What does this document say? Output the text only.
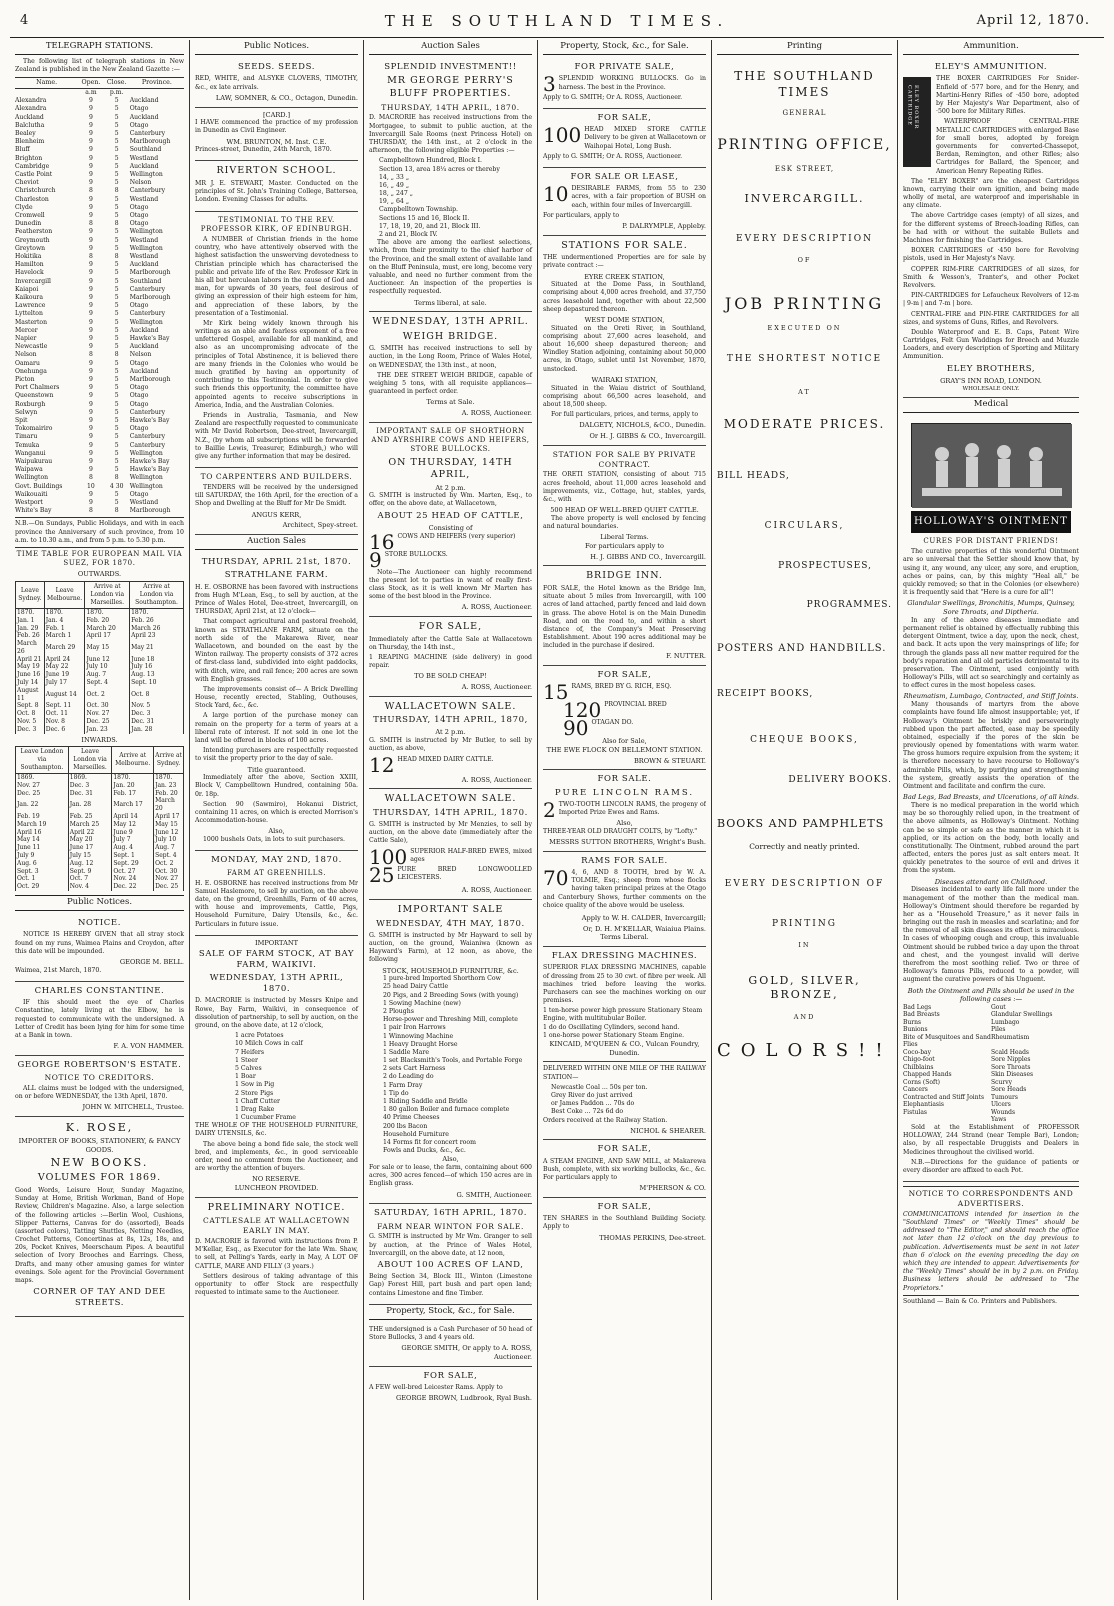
4	THE SOUTHLAND TIMES.	April 12, 1870.
TELEGRAPH STATIONS.
The following list of telegraph stations in New Zealand is published in the New Zealand Gazette :—
Name.	Open.	Close.	Province.
	a.m	p.m.	
Alexandra	9	5	Auckland
Alexandra	9	5	Otago
Auckland	9	5	Auckland
Balclutha	9	5	Otago
Bealey	9	5	Canterbury
Blenheim	9	5	Marlborough
Bluff	9	5	Southland
Brighton	9	5	Westland
Cambridge	9	5	Auckland
Castle Point	9	5	Wellington
Cheviot	9	5	Nelson
Christchurch	8	8	Canterbury
Charleston	9	5	Westland
Clyde	9	5	Otago
Cromwell	9	5	Otago
Dunedin	8	8	Otago
Featherston	9	5	Wellington
Greymouth	9	5	Westland
Greytown	9	5	Wellington
Hokitika	8	8	Westland
Hamilton	9	5	Auckland
Havelock	9	5	Marlborough
Invercargill	9	5	Southland
Kaiapoi	9	5	Canterbury
Kaikoura	9	5	Marlborough
Lawrence	9	5	Otago
Lyttelton	9	5	Canterbury
Masterton	9	5	Wellington
Mercer	9	5	Auckland
Napier	9	5	Hawke's Bay
Newcastle	9	5	Auckland
Nelson	8	8	Nelson
Oamaru	9	5	Otago
Onehunga	9	5	Auckland
Picton	9	5	Marlborough
Port Chalmers	9	5	Otago
Queenstown	9	5	Otago
Roxburgh	9	5	Otago
Selwyn	9	5	Canterbury
Spit	9	5	Hawke's Bay
Tokomairiro	9	5	Otago
Timaru	9	5	Canterbury
Temuka	9	5	Canterbury
Wanganui	9	5	Wellington
Waipukurau	9	5	Hawke's Bay
Waipawa	9	5	Hawke's Bay
Wellington	8	8	Wellington
Govt. Buildings	10	4 30	Wellington
Waikouaiti	9	5	Otago
Westport	9	5	Westland
White's Bay	8	8	Marlborough
N.B.—On Sundays, Public Holidays, and with in each province the Anniversary of such province, from 10 a.m. to 10.30 a.m., and from 5 p.m. to 5.30 p.m.
TIME TABLE FOR EUROPEAN MAIL VIA SUEZ, FOR 1870.
OUTWARDS.
Leave Sydney.	Leave Melbourne.	Arrive at London via Marseilles.	Arrive at London via Southampton.
1870.	1870.	1870.	1870.
Jan. 1	Jan. 4	Feb. 20	Feb. 26
Jan. 29	Feb. 1	March 20	March 26
Feb. 26	March 1	April 17	April 23
March 26	March 29	May 15	May 21
April 21	April 24	June 12	June 18
May 19	May 22	July 10	July 16
June 16	June 19	Aug. 7	Aug. 13
July 14	July 17	Sept. 4	Sept. 10
August 11	August 14	Oct. 2	Oct. 8
Sept. 8	Sept. 11	Oct. 30	Nov. 5
Oct. 8	Oct. 11	Nov. 27	Dec. 3
Nov. 5	Nov. 8	Dec. 25	Dec. 31
Dec. 3	Dec. 6	Jan. 23	Jan. 28
INWARDS.
Leave London via Southampton.	Leave London via Marseilles.	Arrive at Melbourne.	Arrive at Sydney.
1869.	1869.	1870.	1870.
Nov. 27	Dec. 3	Jan. 20	Jan. 23
Dec. 25	Dec. 31	Feb. 17	Feb. 20
Jan. 22	Jan. 28	March 17	March 20
Feb. 19	Feb. 25	April 14	April 17
March 19	March 25	May 12	May 15
April 16	April 22	June 9	June 12
May 14	May 20	July 7	July 10
June 11	June 17	Aug. 4	Aug. 7
July 9	July 15	Sept. 1	Sept. 4
Aug. 6	Aug. 12	Sept. 29	Oct. 2
Sept. 3	Sept. 9	Oct. 27	Oct. 30
Oct. 1	Oct. 7	Nov. 24	Nov. 27
Oct. 29	Nov. 4	Dec. 22	Dec. 25
Public Notices.
NOTICE.
NOTICE IS HEREBY GIVEN that all stray stock found on my runs, Waimea Plains and Croydon, after this date will be impounded.
GEORGE M. BELL.
Waimea, 21st March, 1870.
CHARLES CONSTANTINE.
IF this should meet the eye of Charles Constantine, lately living at the Elbow, he is requested to communicate with the undersigned. A Letter of Credit has been lying for him for some time at a Bank in town.
F. A. VON HAMMER.
GEORGE ROBERTSON'S ESTATE.
NOTICE TO CREDITORS.
ALL claims must be lodged with the undersigned, on or before WEDNESDAY, the 13th April, 1870.
JOHN W. MITCHELL, Trustee.
K. ROSE,
IMPORTER OF BOOKS, STATIONERY, & FANCY GOODS.
NEW BOOKS.
VOLUMES FOR 1869.
Good Words, Leisure Hour, Sunday Magazine, Sunday at Home, British Workman, Band of Hope Review, Children's Magazine. Also, a large selection of the following articles :—Berlin Wool, Cushions, Slipper Patterns, Canvas for do (assorted), Beads (assorted colors), Tatting Shuttles, Netting Needles, Crochet Patterns, Concertinas at 8s, 12s, 18s, and 20s, Pocket Knives, Meerschaum Pipes. A beautiful selection of Ivory Brooches and Earrings. Chess, Drafts, and many other amusing games for winter evenings. Sole agent for the Provincial Government maps.
CORNER OF TAY AND DEE STREETS.
Public Notices.
SEEDS. SEEDS.
RED, WHITE, and ALSYKE CLOVERS, TIMOTHY, &c., ex late arrivals.
LAW, SOMNER, & CO., Octagon, Dunedin.
[CARD.]
I HAVE commenced the practice of my profession in Dunedin as Civil Engineer.
WM. BRUNTON, M. Inst. C.E.
Princes-street, Dunedin, 24th March, 1870.
RIVERTON SCHOOL.
MR J. E. STEWART, Master. Conducted on the principles of St. John's Training College, Battersea, London. Evening Classes for adults.
TESTIMONIAL TO THE REV. PROFESSOR KIRK, OF EDINBURGH.
A NUMBER of Christian friends in the home country, who have attentively observed with the highest satisfaction the unswerving devotedness to Christian principle which has characterised the public and private life of the Rev. Professor Kirk in his all but herculean labors in the cause of God and man, for upwards of 30 years, feel desirous of giving an expression of their high esteem for him, and appreciation of these labors, by the presentation of a Testimonial.
Mr Kirk being widely known through his writings as an able and fearless exponent of a free unfettered Gospel, available for all mankind, and also as an uncompromising advocate of the principles of Total Abstinence, it is believed there are many friends in the Colonies who would be much gratified by having an opportunity of contributing to this Testimonial. In order to give such friends this opportunity, the committee have appointed agents to receive subscriptions in America, India, and the Australian Colonies.
Friends in Australia, Tasmania, and New Zealand are respectfully requested to communicate with Mr David Robertson, Dee-street, Invercargill, N.Z., (by whom all subscriptions will be forwarded to Baillie Lewis, Treasurer, Edinburgh,) who will give any further information that may be desired.
TO CARPENTERS AND BUILDERS.
TENDERS will be received by the undersigned till SATURDAY, the 16th April, for the erection of a Shop and Dwelling at the Bluff for Mr De Smidt.
ANGUS KERR,
Architect, Spey-street.
Auction Sales
THURSDAY, APRIL 21st, 1870.
STRATHLANE FARM.
H. E. OSBORNE has been favored with instructions from Hugh M'Lean, Esq., to sell by auction, at the Prince of Wales Hotel, Dee-street, Invercargill, on THURSDAY, April 21st, at 12 o'clock—
That compact agricultural and pastoral freehold, known as STRATHLANE FARM, situate on the north side of the Makarewa River, near Wallacetown, and bounded on the east by the Winton railway. The property consists of 372 acres of first-class land, subdivided into eight paddocks, with ditch, wire, and rail fence; 200 acres are sown with English grasses.
The improvements consist of— A Brick Dwelling House, recently erected, Stabling, Outhouses, Stock Yard, &c., &c.
A large portion of the purchase money can remain on the property for a term of years at a liberal rate of interest. If not sold in one lot the land will be offered in blocks of 100 acres.
Intending purchasers are respectfully requested to visit the property prior to the day of sale.
Title guaranteed.
Immediately after the above, Section XXIII, Block V, Campbelltown Hundred, containing 50a. 0r. 18p.
Section 90 (Sawmiro), Hokanui District, containing 11 acres, on which is erected Morrison's Accommodation-house.
Also,
1000 bushels Oats, in lots to suit purchasers.
MONDAY, MAY 2ND, 1870.
FARM AT GREENHILLS.
H. E. OSBORNE has received instructions from Mr Samuel Haslemore, to sell by auction, on the above date, on the ground, Greenhills, Farm of 40 acres, with house and improvements, Cattle, Pigs, Household Furniture, Dairy Utensils, &c., &c. Particulars in future issue.
IMPORTANT
SALE OF FARM STOCK, AT BAY FARM, WAIKIVI.
WEDNESDAY, 13TH APRIL, 1870.
D. MACRORIE is instructed by Messrs Knipe and Rowe, Bay Farm, Waikivi, in consequence of dissolution of partnership, to sell by auction, on the ground, on the above date, at 12 o'clock,
1 acre Potatoes
10 Milch Cows in calf
7 Heifers
1 Steer
5 Calves
1 Boar
1 Sow in Pig
2 Store Pigs
1 Chaff Cutter
1 Drag Rake
1 Cucumber Frame
THE WHOLE OF THE HOUSEHOLD FURNITURE, DAIRY UTENSILS, &c.
The above being a bond fide sale, the stock well bred, and implements, &c., in good serviceable order, need no comment from the Auctioneer, and are worthy the attention of buyers.
NO RESERVE.
LUNCHEON PROVIDED.
PRELIMINARY NOTICE.
CATTLESALE AT WALLACETOWN EARLY IN MAY.
D. MACRORIE is favored with instructions from P. M'Kellar, Esq., as Executor for the late Wm. Shaw, to sell, at Pelling's Yards, early in May, A LOT OF CATTLE, MARE AND FILLY (3 years.)
Settlers desirous of taking advantage of this opportunity to offer Stock are respectfully requested to intimate same to the Auctioneer.
Auction Sales
SPLENDID INVESTMENT!!
MR GEORGE PERRY'S BLUFF PROPERTIES.
THURSDAY, 14TH APRIL, 1870.
D. MACRORIE has received instructions from the Mortgagee, to submit to public auction, at the Invercargill Sale Rooms (next Princess Hotel) on THURSDAY, the 14th inst., at 2 o'clock in the afternoon, the following eligible Properties :—
Campbelltown Hundred, Block I.
Section 13, area 18¼ acres or thereby
14, „ 33 „
16, „ 49 „
18, „ 247 „
19, „ 64 „
Campbelltown Township.
Sections 15 and 16, Block II.
17, 18, 19, 20, and 21, Block III.
2 and 21, Block IV.
The above are among the earliest selections, which, from their proximity to the chief harbor of the Province, and the small extent of available land on the Bluff Peninsula, must, ere long, become very valuable, and need no further comment from the Auctioneer. An inspection of the properties is respectfully requested.
Terms liberal, at sale.
WEDNESDAY, 13TH APRIL.
WEIGH BRIDGE.
G. SMITH has received instructions to sell by auction, in the Long Room, Prince of Wales Hotel, on WEDNESDAY, the 13th inst., at noon,
THE DEE STREET WEIGH BRIDGE, capable of weighing 5 tons, with all requisite appliances—guaranteed in perfect order.
Terms at Sale.
A. ROSS, Auctioneer.
IMPORTANT SALE OF SHORTHORN AND AYRSHIRE COWS AND HEIFERS, STORE BULLOCKS.
ON THURSDAY, 14TH APRIL,
At 2 p.m.
G. SMITH is instructed by Wm. Marten, Esq., to offer, on the above date, at Wallacetown,
ABOUT 25 HEAD OF CATTLE,
Consisting of
16 COWS AND HEIFERS (very superior)
9 STORE BULLOCKS.
Note—The Auctioneer can highly recommend the present lot to parties in want of really first-class Stock, as it is well known Mr Marten has some of the best blood in the Province.
A. ROSS, Auctioneer.
FOR SALE,
Immediately after the Cattle Sale at Wallacetown on Thursday, the 14th inst.,
1 REAPING MACHINE (side delivery) in good repair.
TO BE SOLD CHEAP!
A. ROSS, Auctioneer.
WALLACETOWN SALE.
THURSDAY, 14TH APRIL, 1870,
At 2 p.m.
G. SMITH is instructed by Mr Butler, to sell by auction, as above,
12 HEAD MIXED DAIRY CATTLE.
A. ROSS, Auctioneer.
WALLACETOWN SALE.
THURSDAY, 14TH APRIL, 1870.
G. SMITH is instructed by Mr Menzies, to sell by auction, on the above date (immediately after the Cattle Sale),
100 SUPERIOR HALF-BRED EWES, mixed ages
25 PURE BRED LONGWOOLLED LEICESTERS.
A. ROSS, Auctioneer.
IMPORTANT SALE
WEDNESDAY, 4TH MAY, 1870.
G. SMITH is instructed by Mr Hayward to sell by auction, on the ground, Waianiwa (known as Hayward's Farm), at 12 noon, as above, the following
STOCK, HOUSEHOLD FURNITURE, &c.
1 pure-bred Imported Shorthorn Cow
25 head Dairy Cattle
20 Pigs, and 2 Breeding Sows (with young)
1 Sowing Machine (new)
2 Ploughs
Horse-power and Threshing Mill, complete
1 pair Iron Harrows
1 Winnowing Machine
1 Heavy Draught Horse
1 Saddle Mare
1 set Blacksmith's Tools, and Portable Forge
2 sets Cart Harness
2 do Leading do
1 Farm Dray
1 Tip do
1 Riding Saddle and Bridle
1 80 gallon Boiler and furnace complete
40 Prime Cheeses
200 lbs Bacon
Household Furniture
14 Forms fit for concert room
Fowls and Ducks, &c., &c.
Also,
For sale or to lease, the farm, containing about 600 acres, 300 acres fenced—of which 150 acres are in English grass.
G. SMITH, Auctioneer.
SATURDAY, 16TH APRIL, 1870.
FARM NEAR WINTON FOR SALE.
G. SMITH is instructed by Mr Wm. Granger to sell by auction, at the Prince of Wales Hotel, Invercargill, on the above date, at 12 noon,
ABOUT 100 ACRES OF LAND,
Being Section 34, Block III., Winton (Limestone Gap) Forest Hill, part bush and part open land; contains Limestone and fine Timber.
Property, Stock, &c., for Sale.
THE undersigned is a Cash Purchaser of 50 head of Store Bullocks, 3 and 4 years old.
GEORGE SMITH, Or apply to A. ROSS, Auctioneer.
FOR SALE,
A FEW well-bred Leicester Rams. Apply to
GEORGE BROWN, Ludbrook, Ryal Bush.
Property, Stock, &c., for Sale.
FOR PRIVATE SALE,
3 SPLENDID WORKING BULLOCKS. Go in harness. The best in the Province.
Apply to G. SMITH; Or A. ROSS, Auctioneer.
FOR SALE,
100 HEAD MIXED STORE CATTLE Delivery to be given at Wallacetown or Waihopai Hotel, Long Bush.
Apply to G. SMITH; Or A. ROSS, Auctioneer.
FOR SALE OR LEASE,
10 DESIRABLE FARMS, from 55 to 230 acres, with a fair proportion of BUSH on each, within four miles of Invercargill.
For particulars, apply to
P. DALRYMPLE, Appleby.
STATIONS FOR SALE.
THE undermentioned Properties are for sale by private contract :—
EYRE CREEK STATION,
Situated at the Dome Pass, in Southland, comprising about 4,000 acres freehold, and 37,750 acres leasehold land, together with about 22,500 sheep depastured thereon.
WEST DOME STATION,
Situated on the Oreti River, in Southland, comprising about 27,600 acres leasehold, and about 16,600 sheep depastured thereon; and Windley Station adjoining, containing about 50,000 acres, in Otago, sublet until 1st November, 1870, unstocked.
WAIRAKI STATION,
Situated in the Waiau district of Southland, comprising about 66,500 acres leasehold, and about 18,500 sheep.
For full particulars, prices, and terms, apply to
DALGETY, NICHOLS, &CO., Dunedin.
Or H. J. GIBBS & CO., Invercargill.
STATION FOR SALE BY PRIVATE CONTRACT.
THE ORETI STATION, consisting of about 715 acres freehold, about 11,000 acres leasehold and improvements, viz., Cottage, hut, stables, yards, &c., with
500 HEAD OF WELL-BRED QUIET CATTLE.
The above property is well enclosed by fencing and natural boundaries.
Liberal Terms.
For particulars apply to
H. J. GIBBS AND CO., Invercargill.
BRIDGE INN.
FOR SALE, the Hotel known as the Bridge Inn, situate about 5 miles from Invercargill, with 100 acres of land attached, partly fenced and laid down in grass. The above Hotel is on the Main Dunedin Road, and on the road to, and within a short distance of, the Company's Meat Preserving Establishment. About 190 acres additional may be included in the purchase if desired.
F. NUTTER.
FOR SALE,
15 RAMS, BRED BY G. RICH, ESQ.
120 PROVINCIAL BRED
90 OTAGAN DO.
Also for Sale,
THE EWE FLOCK ON BELLEMONT STATION.
BROWN & STEUART.
FOR SALE.
PURE LINCOLN RAMS.
2 TWO-TOOTH LINCOLN RAMS, the progeny of Imported Prize Ewes and Rams.
Also,
THREE-YEAR OLD DRAUGHT COLTS, by "Lofty."
MESSRS SUTTON BROTHERS, Wright's Bush.
RAMS FOR SALE.
70 4, 6, AND 8 TOOTH, bred by W. A. TOLMIE, Esq.; sheep from whose flocks having taken principal prizes at the Otago and Canterbury Shows, further comments on the choice quality of the above would be useless.
Apply to W. H. CALDER, Invercargill;
Or, D. H. M'KELLAR, Waiaiua Plains.
Terms Liberal.
FLAX DRESSING MACHINES.
SUPERIOR FLAX DRESSING MACHINES, capable of dressing from 25 to 30 cwt. of fibre per week. All machines tried before leaving the works. Purchasers can see the machines working on our premises.
1 ten-horse power high pressure Stationary Steam Engine, with multitubular Boiler.
1 do do Oscillating Cylinders, second hand.
1 one-horse power Stationary Steam Engine.
KINCAID, M'QUEEN & CO., Vulcan Foundry, Dunedin.
DELIVERED WITHIN ONE MILE OF THE RAILWAY STATION—
Newcastle Coal ... 50s per ton.
Grey River do just arrived
or James Paddon ... 70s do
Best Coke ... 72s 6d do
Orders received at the Railway Station.
NICHOL & SHEARER.
FOR SALE,
A STEAM ENGINE, AND SAW MILL, at Makarewa Bush, complete, with six working bullocks, &c., &c. For particulars apply to
M'PHERSON & CO.
FOR SALE,
TEN SHARES in the Southland Building Society. Apply to
THOMAS PERKINS, Dee-street.
Printing
THE SOUTHLAND TIMES
GENERAL
PRINTING OFFICE,
ESK STREET,
INVERCARGILL.
EVERY DESCRIPTION
OF
JOB PRINTING
EXECUTED ON
THE SHORTEST NOTICE
AT
MODERATE PRICES.
BILL HEADS,
CIRCULARS,
PROSPECTUSES,
PROGRAMMES.
POSTERS AND HANDBILLS.
RECEIPT BOOKS,
CHEQUE BOOKS,
DELIVERY BOOKS.
BOOKS AND PAMPHLETS
Correctly and neatly printed.
EVERY DESCRIPTION OF
PRINTING
IN
GOLD, SILVER, BRONZE,
AND
COLORS!!
Ammunition.
ELEY'S AMMUNITION.
ELEY BOXER CARTRIDGE
THE BOXER CARTRIDGES For Snider-Enfield of ·577 bore, and for the Henry, and Martini-Henry Rifles of ·450 bore, adopted by Her Majesty's War Department, also of ·500 bore for Military Rifles.
WATERPROOF CENTRAL-FIRE METALLIC CARTRIDGES with enlarged Base for small bores, adopted by foreign governments for converted-Chassepot, Berdan, Remington, and other Rifles; also Cartridges for Ballard, the Spencer, and American Henry Repeating Rifles.
The "ELEY BOXER" are the cheapest Cartridges known, carrying their own ignition, and being made wholly of metal, are waterproof and imperishable in any climate.
The above Cartridge cases (empty) of all sizes, and for the different systems of Breech-loading Rifles, can be had with or without the suitable Bullets and Machines for finishing the Cartridges.
BOXER CARTRIDGES of ·450 bore for Revolving pistols, used in Her Majesty's Navy.
COPPER RIM-FIRE CARTRIDGES of all sizes, for Smith & Wesson's, Tranter's, and other Pocket Revolvers.
PIN-CARTRIDGES for Lefaucheux Revolvers of 12-m | 9-m | and 7-m | bore.
CENTRAL-FIRE and PIN-FIRE CARTRIDGES for all sizes, and systems of Guns, Rifles, and Revolvers.
Double Waterproof and E. B. Caps, Patent Wire Cartridges, Felt Gun Waddings for Breech and Muzzle Loaders, and every description of Sporting and Military Ammunition.
ELEY BROTHERS,
GRAY'S INN ROAD, LONDON.
WHOLESALE ONLY.
Medical
HOLLOWAY'S OINTMENT
CURES FOR DISTANT FRIENDS!
The curative properties of this wonderful Ointment are so universal that the Settler should know that, by using it, any wound, any ulcer, any sore, and eruption, aches or pains, can, by this mighty "Heal all," be quickly removed; so that in the Colonies (or elsewhere) it is frequently said that "Here is a cure for all"!
Glandular Swellings, Bronchitis, Mumps, Quinsey, Sore Throats, and Diptheria.
In any of the above diseases immediate and permanent relief is obtained by effectually rubbing this detergent Ointment, twice a day, upon the neck, chest, and back. It acts upon the very mainsprings of life; for through the glands pass all new matter required for the body's reparation and all old particles detrimental to its preservation. The Ointment, used conjointly with Holloway's Pills, will act so searchingly and certainly as to effect cures in the most hopeless cases.
Rheumatism, Lumbago, Contracted, and Stiff Joints.
Many thousands of martyrs from the above complaints have found life almost insupportable; yet, if Holloway's Ointment be briskly and perseveringly rubbed upon the part affected, ease may be speedily obtained, especially if the pores of the skin be previously opened by fomentations with warm water. The gross humors require expulsion from the system; it is therefore necessary to have recourse to Holloway's admirable Pills, which, by purifying and strengthening the system, greatly assists the operation of the Ointment and facilitate and confirm the cure.
Bad Legs, Bad Breasts, and Ulcerations, of all kinds.
There is no medical preparation in the world which may be so thoroughly relied upon, in the treatment of the above ailments, as Holloway's Ointment. Nothing can be so simple or safe as the manner in which it is applied, or its action on the body, both locally and constitutionally. The Ointment, rubbed around the part affected, enters the pores just as salt enters meat. It quickly penetrates to the source of evil and drives it from the system.
Diseases attendant on Childhood.
Diseases incidental to early life fall more under the management of the mother than the medical man. Holloway's Ointment should therefore be regarded by her as a "Household Treasure," as it never fails in bringing out the rash in measles and scarlatina; and for the removal of all skin diseases its effect is miraculous. In cases of whooping cough and croup, this invaluable Ointment should be rubbed twice a day upon the throat and chest, and the youngest invalid will derive therefrom the most soothing relief. Two or three of Holloway's famous Pills, reduced to a powder, will augment the curative powers of his Unguent.
Both the Ointment and Pills should be used in the following cases :—
Bad Legs	Gout
Bad Breasts	Glandular Swellings
Burns	Lumbago
Bunions	Piles
Bite of Musquitoes and Sand Flies
Rheumatism
Coco-bay	Scald Heads
Chigo-foot	Sore Nipples
Chilblains	Sore Throats
Chapped Hands	Skin Diseases
Corns (Soft)	Scurvy
Cancers	Sore Heads
Contracted and Stiff Joints	Tumours
Elephantiasis	Ulcers
Fistulas	Wounds
Yaws
Sold at the Establishment of PROFESSOR HOLLOWAY, 244 Strand (near Temple Bar), London; also, by all respectable Druggists and Dealers in Medicines throughout the civilised world.
N.B.—Directions for the guidance of patients or every disorder are affixed to each Pot.
NOTICE TO CORRESPONDENTS AND ADVERTISERS.
COMMUNICATIONS intended for insertion in the "Southland Times" or "Weekly Times" should be addressed to "The Editor," and should reach the office not later than 12 o'clock on the day previous to publication. Advertisements must be sent in not later than 6 o'clock on the evening preceding the day on which they are intended to appear. Advertisements for the "Weekly Times" should be in by 2 p.m. on Friday. Business letters should be addressed to "The Proprietors."
Southland — Bain & Co. Printers and Publishers.
